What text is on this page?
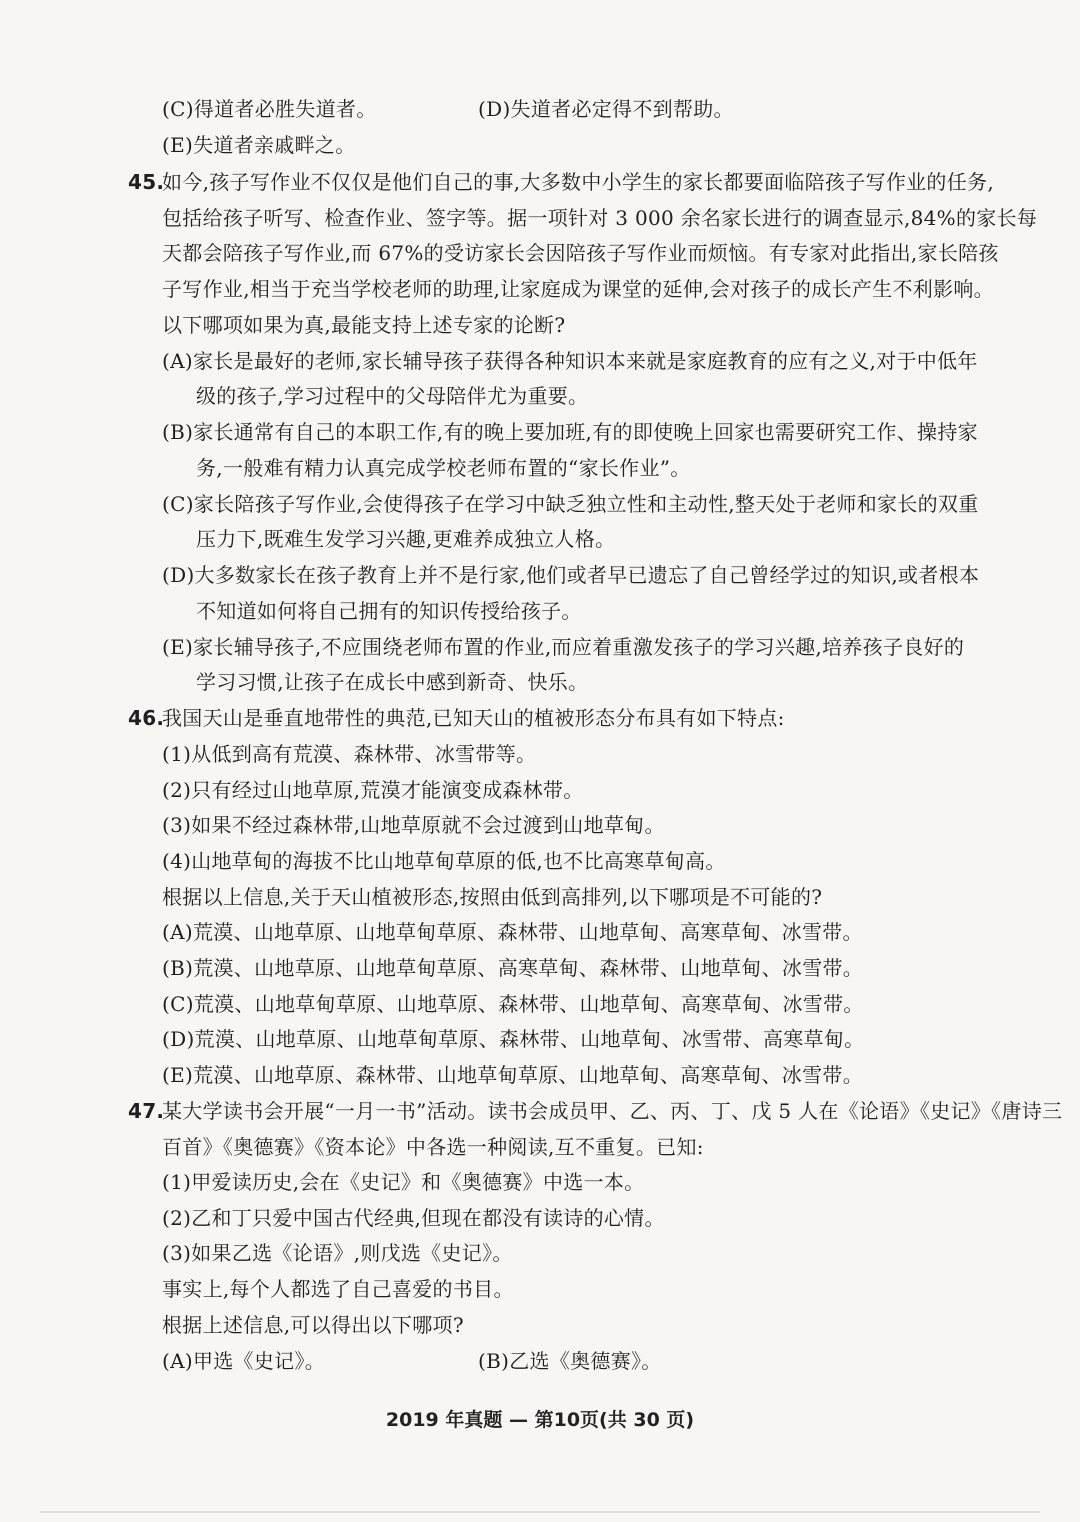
(C)得道者必胜失道者。	(D)失道者必定得不到帮助。
(E)失道者亲戚畔之。
45.
如今,孩子写作业不仅仅是他们自己的事,大多数中小学生的家长都要面临陪孩子写作业的任务,
包括给孩子听写、检查作业、签字等。据一项针对 3 000 余名家长进行的调查显示,84%的家长每
天都会陪孩子写作业,而 67%的受访家长会因陪孩子写作业而烦恼。有专家对此指出,家长陪孩
子写作业,相当于充当学校老师的助理,让家庭成为课堂的延伸,会对孩子的成长产生不利影响。
以下哪项如果为真,最能支持上述专家的论断?
(A)家长是最好的老师,家长辅导孩子获得各种知识本来就是家庭教育的应有之义,对于中低年
级的孩子,学习过程中的父母陪伴尤为重要。
(B)家长通常有自己的本职工作,有的晚上要加班,有的即使晚上回家也需要研究工作、操持家
务,一般难有精力认真完成学校老师布置的“家长作业”。
(C)家长陪孩子写作业,会使得孩子在学习中缺乏独立性和主动性,整天处于老师和家长的双重
压力下,既难生发学习兴趣,更难养成独立人格。
(D)大多数家长在孩子教育上并不是行家,他们或者早已遗忘了自己曾经学过的知识,或者根本
不知道如何将自己拥有的知识传授给孩子。
(E)家长辅导孩子,不应围绕老师布置的作业,而应着重激发孩子的学习兴趣,培养孩子良好的
学习习惯,让孩子在成长中感到新奇、快乐。
46.
我国天山是垂直地带性的典范,已知天山的植被形态分布具有如下特点:
(1)从低到高有荒漠、森林带、冰雪带等。
(2)只有经过山地草原,荒漠才能演变成森林带。
(3)如果不经过森林带,山地草原就不会过渡到山地草甸。
(4)山地草甸的海拔不比山地草甸草原的低,也不比高寒草甸高。
根据以上信息,关于天山植被形态,按照由低到高排列,以下哪项是不可能的?
(A)荒漠、山地草原、山地草甸草原、森林带、山地草甸、高寒草甸、冰雪带。
(B)荒漠、山地草原、山地草甸草原、高寒草甸、森林带、山地草甸、冰雪带。
(C)荒漠、山地草甸草原、山地草原、森林带、山地草甸、高寒草甸、冰雪带。
(D)荒漠、山地草原、山地草甸草原、森林带、山地草甸、冰雪带、高寒草甸。
(E)荒漠、山地草原、森林带、山地草甸草原、山地草甸、高寒草甸、冰雪带。
47.
某大学读书会开展“一月一书”活动。读书会成员甲、乙、丙、丁、戊 5 人在《论语》《史记》《唐诗三
百首》《奥德赛》《资本论》中各选一种阅读,互不重复。已知:
(1)甲爱读历史,会在《史记》和《奥德赛》中选一本。
(2)乙和丁只爱中国古代经典,但现在都没有读诗的心情。
(3)如果乙选《论语》,则戊选《史记》。
事实上,每个人都选了自己喜爱的书目。
根据上述信息,可以得出以下哪项?
(A)甲选《史记》。	(B)乙选《奥德赛》。
2019 年真题 — 第10页(共 30 页)
